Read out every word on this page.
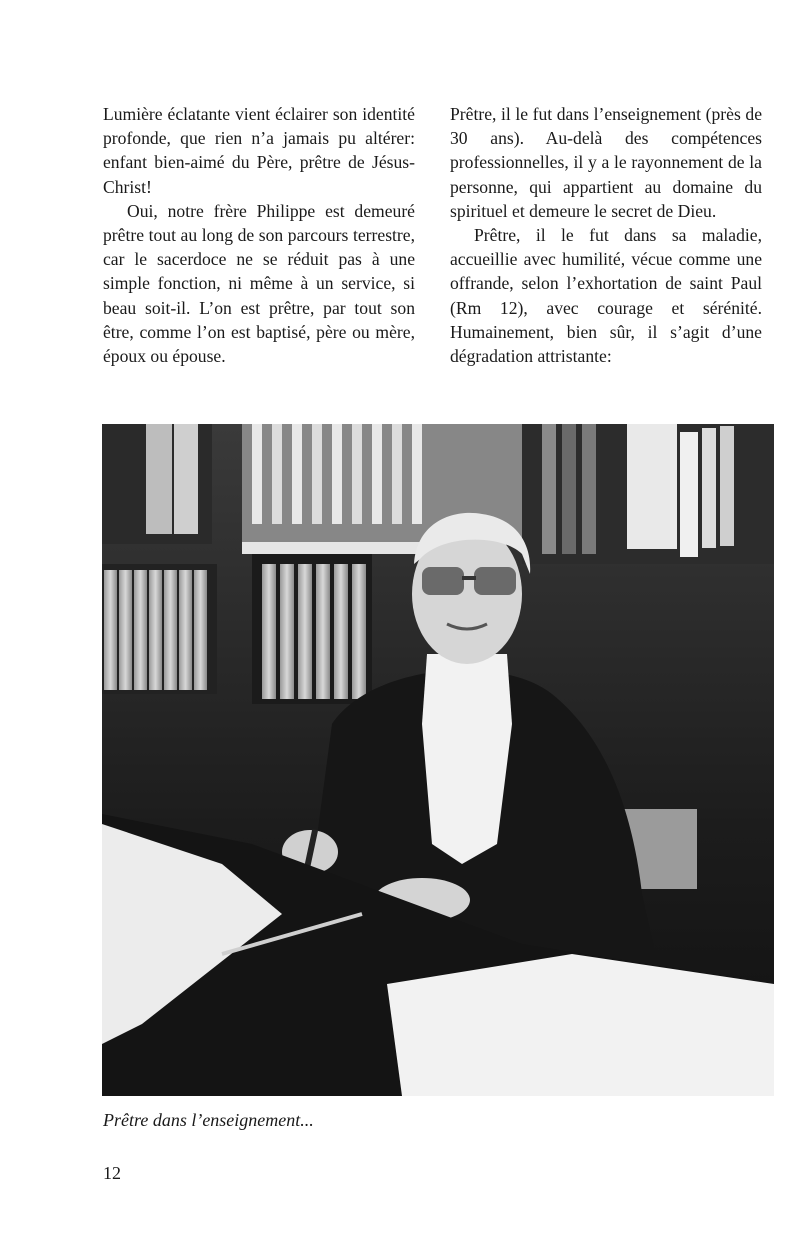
Lumière éclatante vient éclairer son identité profonde, que rien n’a jamais pu altérer: enfant bien-aimé du Père, prêtre de Jésus- Christ!

Oui, notre frère Philippe est demeuré prêtre tout au long de son parcours terrestre, car le sacerdoce ne se réduit pas à une simple fonction, ni même à un service, si beau soit-il. L’on est prêtre, par tout son être, comme l’on est baptisé, père ou mère, époux ou épouse.

Prêtre, il le fut dans l’enseignement (près de 30 ans). Au-delà des compétences professionnelles, il y a le rayonnement de la personne, qui appartient au domaine du spirituel et demeure le secret de Dieu.

Prêtre, il le fut dans sa maladie, accueillie avec humilité, vécue comme une offrande, selon l’exhortation de saint Paul (Rm 12), avec courage et sérénité. Humainement, bien sûr, il s’agit d’une dégradation attristante:

Prêtre dans l’enseignement...
12
